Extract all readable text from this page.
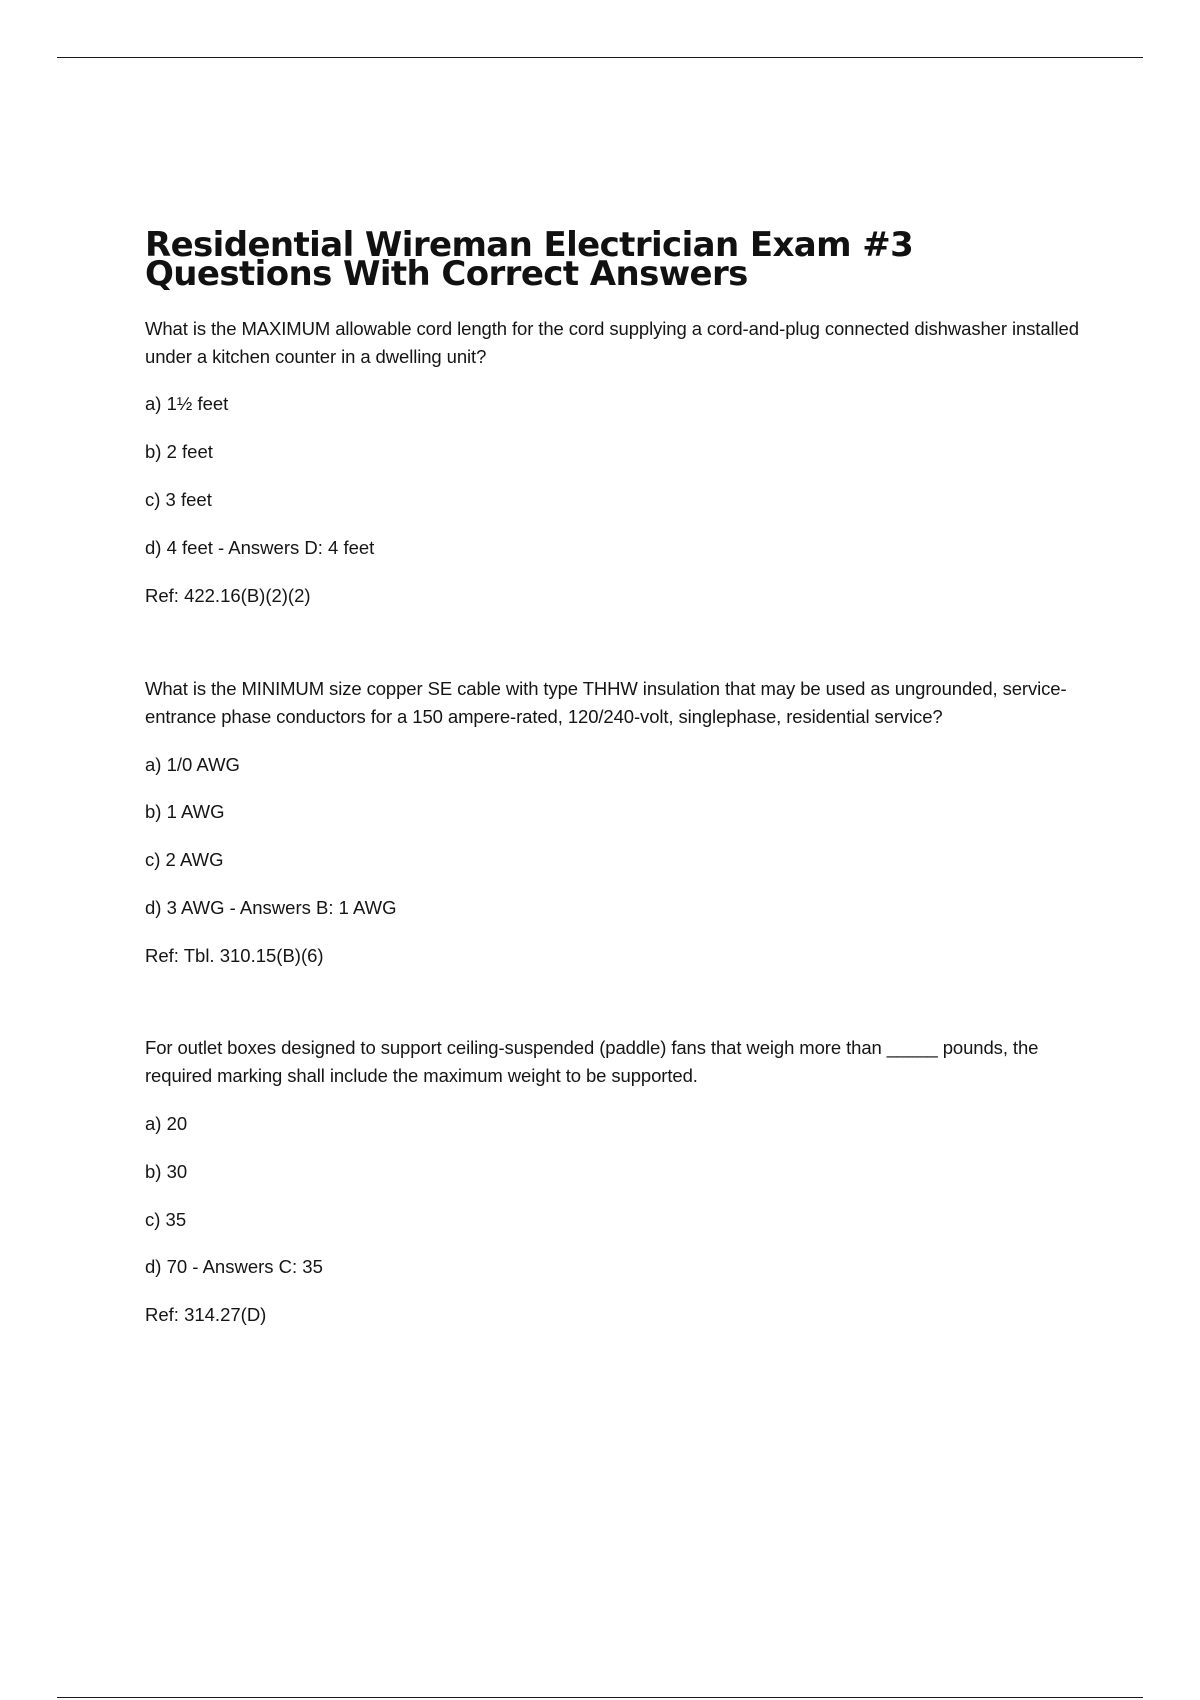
Residential Wireman Electrician Exam #3 Questions With Correct Answers

What is the MAXIMUM allowable cord length for the cord supplying a cord-and-plug connected dishwasher installed under a kitchen counter in a dwelling unit?

a) 1½ feet

b) 2 feet

c) 3 feet

d) 4 feet - Answers D: 4 feet

Ref: 422.16(B)(2)(2)

What is the MINIMUM size copper SE cable with type THHW insulation that may be used as ungrounded, service-entrance phase conductors for a 150 ampere-rated, 120/240-volt, singlephase, residential service?

a) 1/0 AWG

b) 1 AWG

c) 2 AWG

d) 3 AWG - Answers B: 1 AWG

Ref: Tbl. 310.15(B)(6)

For outlet boxes designed to support ceiling-suspended (paddle) fans that weigh more than _____ pounds, the required marking shall include the maximum weight to be supported.

a) 20

b) 30

c) 35

d) 70 - Answers C: 35

Ref: 314.27(D)
